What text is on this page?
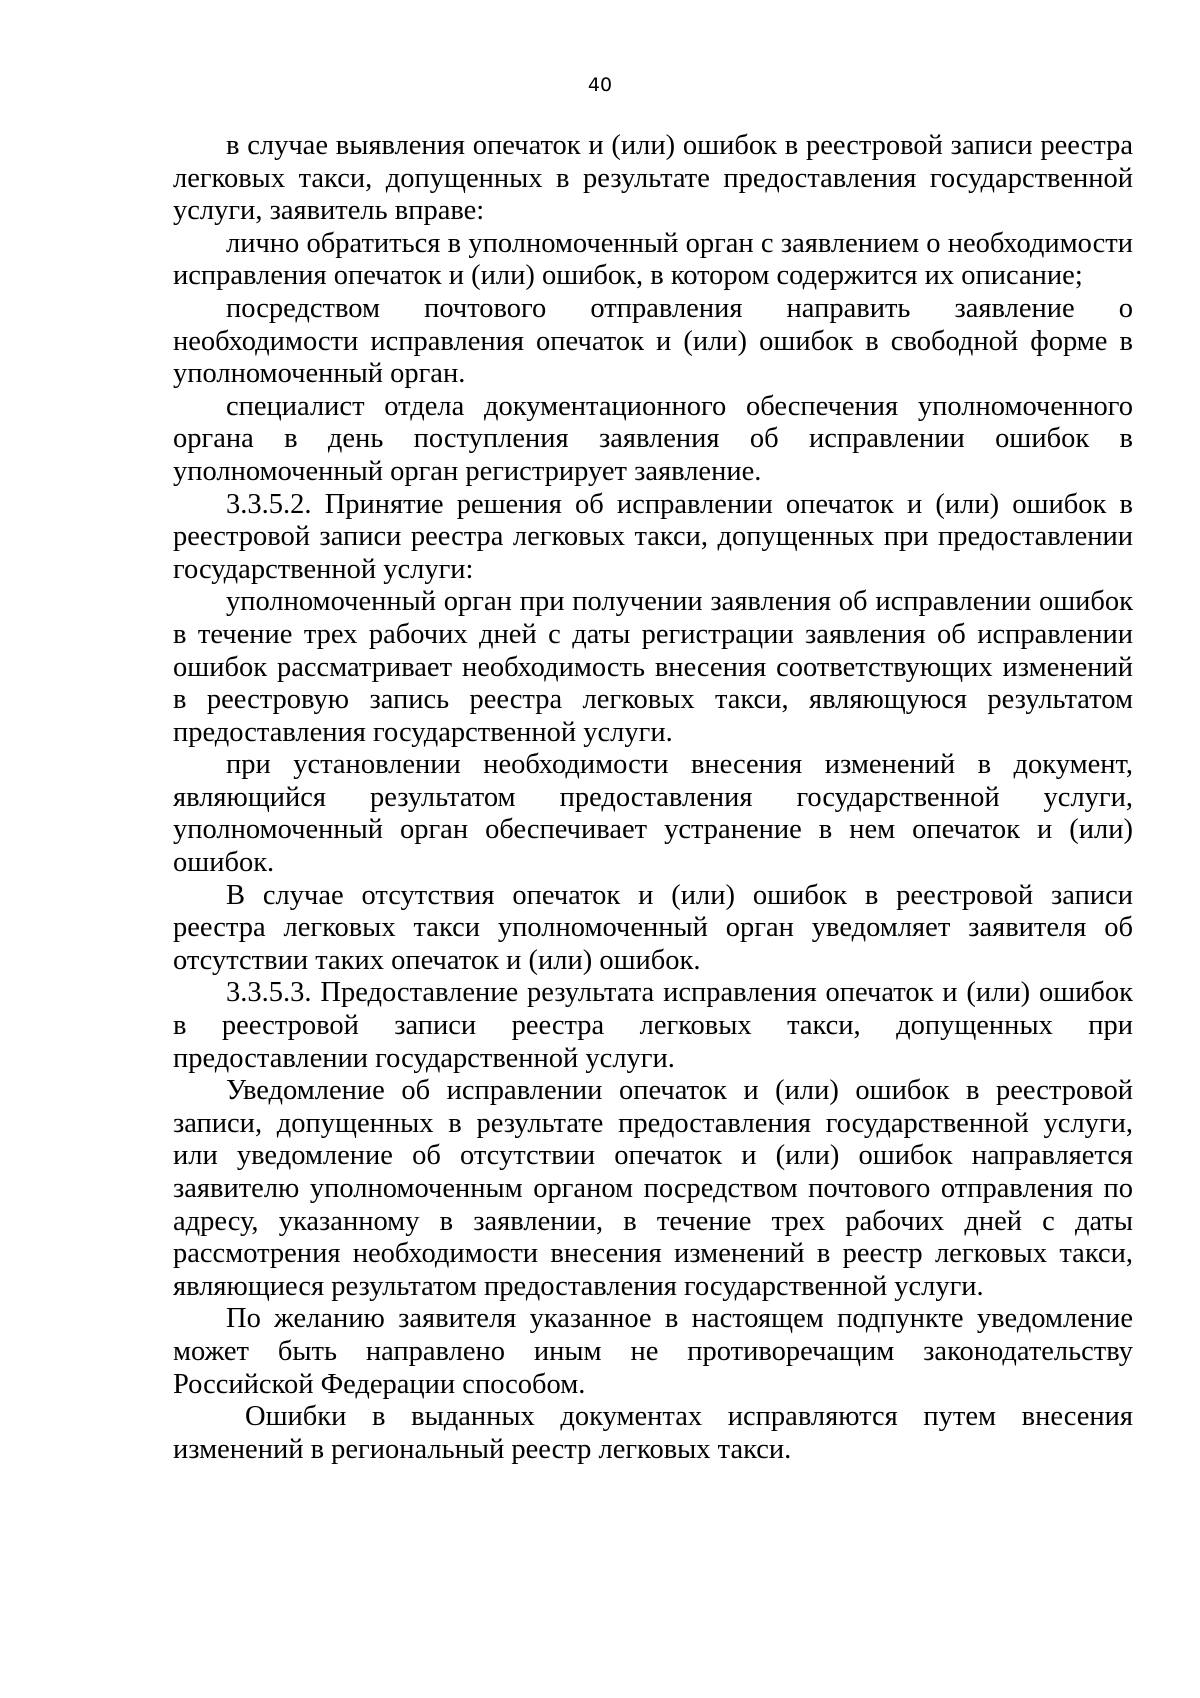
40

в случае выявления опечаток и (или) ошибок в реестровой записи реестра легковых такси, допущенных в результате предоставления государственной услуги, заявитель вправе:

лично обратиться в уполномоченный орган с заявлением о необходимости исправления опечаток и (или) ошибок, в котором содержится их описание;

посредством почтового отправления направить заявление о необходимости исправления опечаток и (или) ошибок в свободной форме в уполномоченный орган.

специалист отдела документационного обеспечения уполномоченного органа в день поступления заявления об исправлении ошибок в уполномоченный орган регистрирует заявление.

3.3.5.2. Принятие решения об исправлении опечаток и (или) ошибок в реестровой записи реестра легковых такси, допущенных при предоставлении государственной услуги:

уполномоченный орган при получении заявления об исправлении ошибок в течение трех рабочих дней с даты регистрации заявления об исправлении ошибок рассматривает необходимость внесения соответствующих изменений в реестровую запись реестра легковых такси, являющуюся результатом предоставления государственной услуги.

при установлении необходимости внесения изменений в документ, являющийся результатом предоставления государственной услуги, уполномоченный орган обеспечивает устранение в нем опечаток и (или) ошибок.

В случае отсутствия опечаток и (или) ошибок в реестровой записи реестра легковых такси уполномоченный орган уведомляет заявителя об отсутствии таких опечаток и (или) ошибок.

3.3.5.3. Предоставление результата исправления опечаток и (или) ошибок в реестровой записи реестра легковых такси, допущенных при предоставлении государственной услуги.

Уведомление об исправлении опечаток и (или) ошибок в реестровой записи, допущенных в результате предоставления государственной услуги, или уведомление об отсутствии опечаток и (или) ошибок направляется заявителю уполномоченным органом посредством почтового отправления по адресу, указанному в заявлении, в течение трех рабочих дней с даты рассмотрения необходимости внесения изменений в реестр легковых такси, являющиеся результатом предоставления государственной услуги.

По желанию заявителя указанное в настоящем подпункте уведомление может быть направлено иным не противоречащим законодательству Российской Федерации способом.

Ошибки в выданных документах исправляются путем внесения изменений в региональный реестр легковых такси.
